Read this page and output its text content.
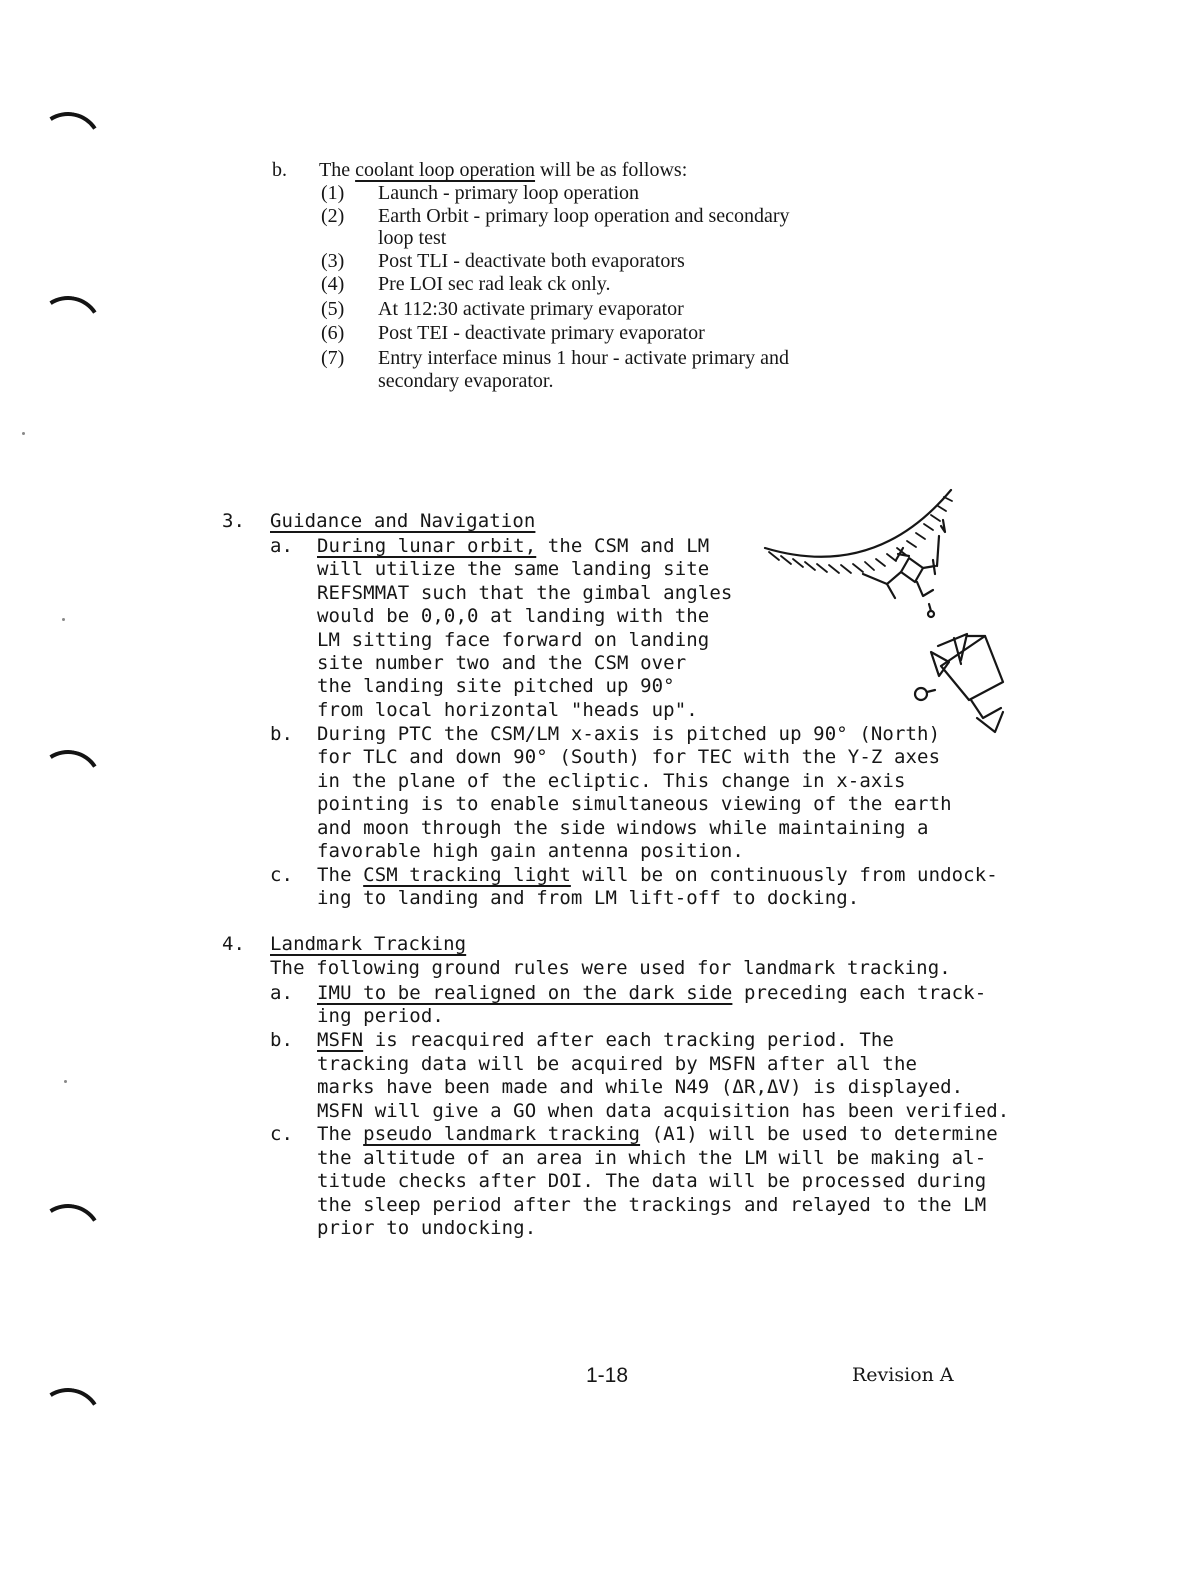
b. The coolant loop operation will be as follows:
(1) Launch - primary loop operation
(2) Earth Orbit - primary loop operation and secondary
loop test
(3) Post TLI - deactivate both evaporators
(4) Pre LOI sec rad leak ck only.
(5) At 112:30 activate primary evaporator
(6) Post TEI - deactivate primary evaporator
(7) Entry interface minus 1 hour - activate primary and
secondary evaporator.
3. Guidance and Navigation
a. During lunar orbit, the CSM and LM
will utilize the same landing site
REFSMMAT such that the gimbal angles
would be 0,0,0 at landing with the
LM sitting face forward on landing
site number two and the CSM over
the landing site pitched up 90°
from local horizontal "heads up".
b. During PTC the CSM/LM x-axis is pitched up 90° (North)
for TLC and down 90° (South) for TEC with the Y-Z axes
in the plane of the ecliptic. This change in x-axis
pointing is to enable simultaneous viewing of the earth
and moon through the side windows while maintaining a
favorable high gain antenna position.
c. The CSM tracking light will be on continuously from undock-
ing to landing and from LM lift-off to docking.
4. Landmark Tracking
The following ground rules were used for landmark tracking.
a. IMU to be realigned on the dark side preceding each track-
ing period.
b. MSFN is reacquired after each tracking period. The
tracking data will be acquired by MSFN after all the
marks have been made and while N49 (ΔR,ΔV) is displayed.
MSFN will give a GO when data acquisition has been verified.
c. The pseudo landmark tracking (A1) will be used to determine
the altitude of an area in which the LM will be making al-
titude checks after DOI. The data will be processed during
the sleep period after the trackings and relayed to the LM
prior to undocking.
1-18	Revision A
